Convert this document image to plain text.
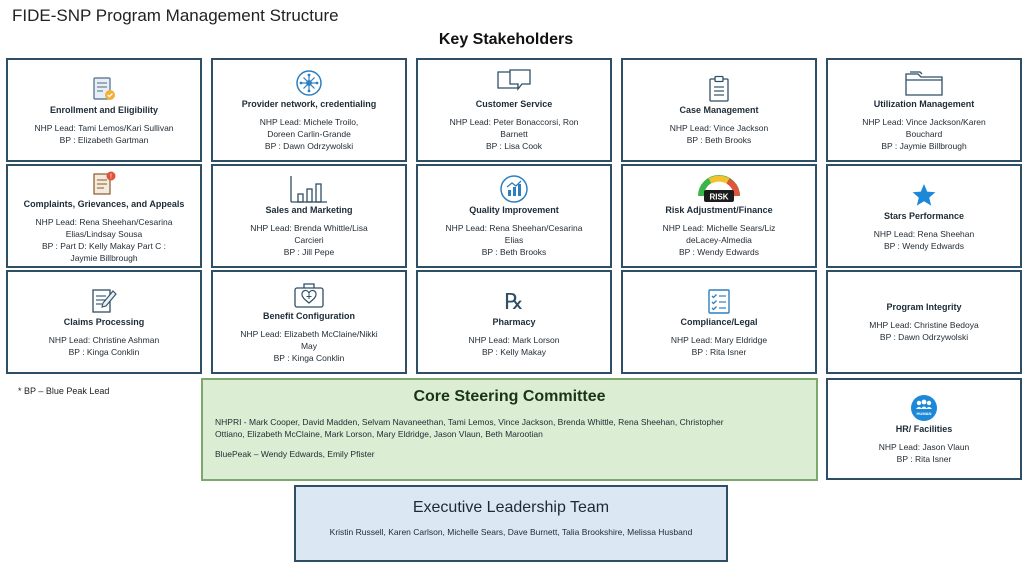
FIDE-SNP Program Management Structure
Key Stakeholders
Enrollment and Eligibility
NHP Lead: Tami Lemos/Kari Sullivan
BP : Elizabeth Gartman
Provider network, credentialing
NHP Lead: Michele Troilo,
Doreen Carlin-Grande
BP : Dawn Odrzywolski
Customer Service
NHP Lead: Peter Bonaccorsi, Ron
Barnett
BP : Lisa Cook
Case Management
NHP Lead: Vince Jackson
BP : Beth Brooks
Utilization Management
NHP Lead: Vince Jackson/Karen
Bouchard
BP : Jaymie Billbrough
!
Complaints, Grievances, and Appeals
NHP Lead: Rena Sheehan/Cesarina
Elias/Lindsay Sousa
BP : Part D: Kelly Makay Part C :
Jaymie Billbrough
Sales and Marketing
NHP Lead: Brenda Whittle/Lisa
Carcieri
BP : Jill Pepe
Quality Improvement
NHP Lead: Rena Sheehan/Cesarina
Elias
BP : Beth Brooks
RISK
Risk Adjustment/Finance
NHP Lead: Michelle Sears/Liz
deLacey-Almedia
BP : Wendy Edwards
Stars Performance
NHP Lead: Rena Sheehan
BP : Wendy Edwards
Claims Processing
NHP Lead: Christine Ashman
BP : Kinga Conklin
Benefit Configuration
NHP Lead: Elizabeth McClaine/Nikki
May
BP : Kinga Conklin
℞
Pharmacy
NHP Lead: Mark Lorson
BP : Kelly Makay
Compliance/Legal
NHP Lead: Mary Eldridge
BP : Rita Isner
Program Integrity
MHP Lead: Christine Bedoya
BP : Dawn Odrzywolski
* BP – Blue Peak Lead	Core Steering Committee
NHPRI - Mark Cooper, David Madden, Selvam Navaneethan, Tami Lemos, Vince Jackson, Brenda Whittle, Rena Sheehan, Christopher
Ottiano, Elizabeth McClaine, Mark Lorson, Mary Eldridge, Jason Vlaun, Beth Marootian
BluePeak – Wendy Edwards, Emily Pfister
HUMAN
HR/ Facilities
NHP Lead: Jason Vlaun
BP : Rita Isner
Executive Leadership Team
Kristin Russell, Karen Carlson, Michelle Sears, Dave Burnett, Talia Brookshire, Melissa Husband
